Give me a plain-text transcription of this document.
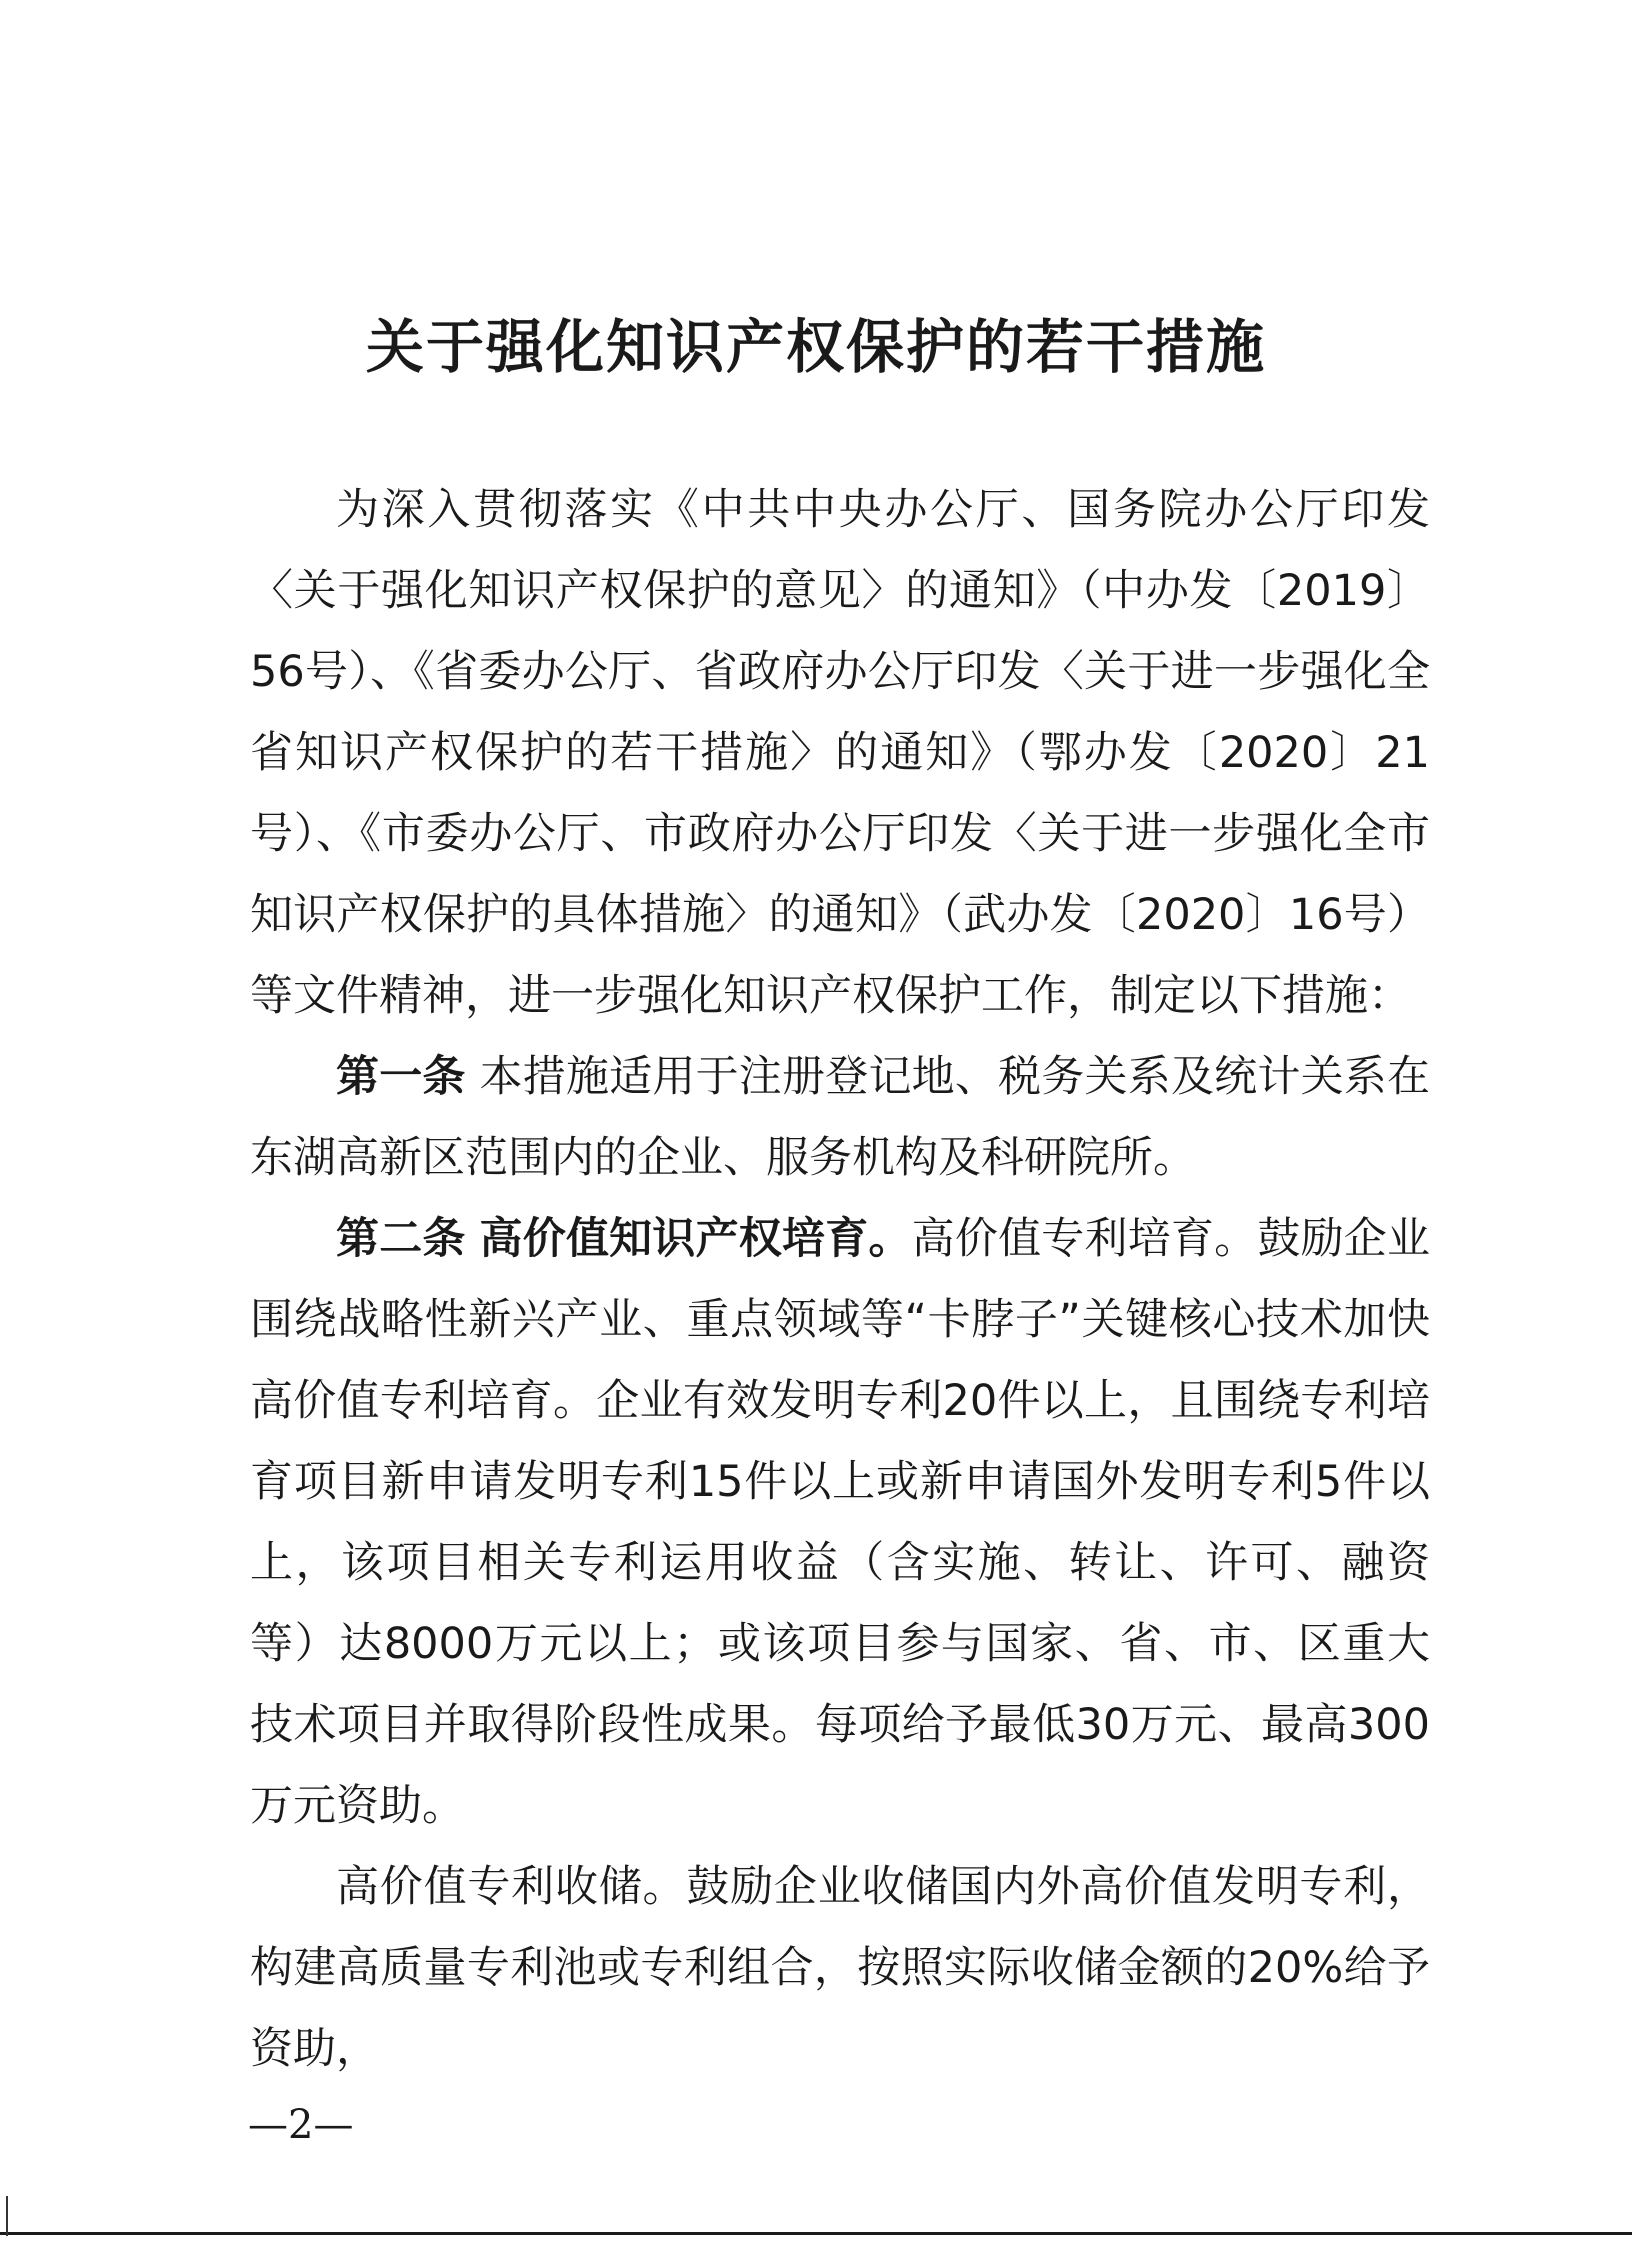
关于强化知识产权保护的若干措施

为深入贯彻落实《中共中央办公厅、国务院办公厅印发〈关于强化知识产权保护的意见〉的通知》（中办发〔2019〕56号）、《省委办公厅、省政府办公厅印发〈关于进一步强化全省知识产权保护的若干措施〉的通知》（鄂办发〔2020〕21号）、《市委办公厅、市政府办公厅印发〈关于进一步强化全市知识产权保护的具体措施〉的通知》（武办发〔2020〕16号）等文件精神，进一步强化知识产权保护工作，制定以下措施：

第一条 本措施适用于注册登记地、税务关系及统计关系在东湖高新区范围内的企业、服务机构及科研院所。

第二条 高价值知识产权培育。高价值专利培育。鼓励企业围绕战略性新兴产业、重点领域等“卡脖子”关键核心技术加快高价值专利培育。企业有效发明专利20件以上，且围绕专利培育项目新申请发明专利15件以上或新申请国外发明专利5件以上，该项目相关专利运用收益（含实施、转让、许可、融资等）达8000万元以上；或该项目参与国家、省、市、区重大技术项目并取得阶段性成果。每项给予最低30万元、最高300万元资助。

高价值专利收储。鼓励企业收储国内外高价值发明专利，构建高质量专利池或专利组合，按照实际收储金额的20%给予资助，

—2—
